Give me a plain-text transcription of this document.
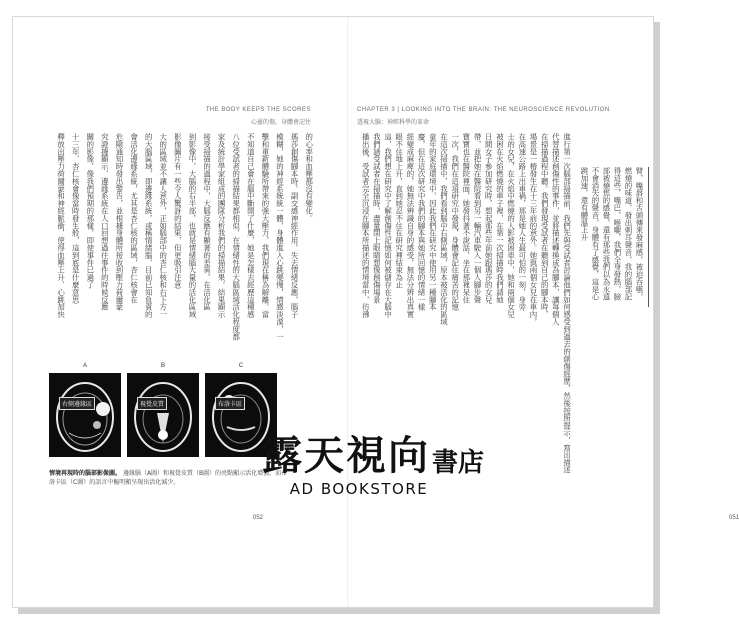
THE BODY KEEPS THE SCORES
心靈的傷，身體會記住
的心率和血壓都沒有變化。
瑪莎創傷腳本時，副交感神經作用，失去情緒反應，腦子
模糊，她的神經系統統一體，身體進入心跳變慢，情感淡漠，一
擊和重新體驗所帶來的強大壓力，我們現在稱為解離，當
不知道自己會在腦中斷開了什麼，她是怎樣去經歷這種感
八位受試者的掃描結果都相似，在情緒性的大腦區域活化程度都
家及統計學家組成的團隊分析我們的掃描結果，結果顯示
接受掃描的過程中，大腦反應有顯著的差異。在活化區
到影像中，大腦的右半部，也就是情緒腦大量的活化區域
影像圖片有一些令人驚訝的結果，但更吸引注意
大的區域並不讓人意外，正如腦部中的杏仁核和右下方一
的大腦區域，即邊緣系統，或稱情緒腦，目前已知負責的
會活化邊緣系統，尤其是杏仁核的區域，杏仁核會在
危險通知時發出警告，並根據身體所接收到壓力荷爾蒙
究證據顯示，邊緣系統在人口回想過往事件的時候反應
關的影像，像我們預期的那樣，即使事件已過了
十三年，杏仁核會像當時發生般，這到底是什麼意思
釋放出壓力荷爾蒙和神經脈衝，使得血壓上升、心跳加快
A
右側邊緣區
B
視覺皮質
C
布洛卡區
情境再現時的腦部影像圖。 邊緣腦（A圖）和視覺皮質（B圖）的亮點顯示活化增強，而布洛卡區（C圖）的語言中樞明顯呈現出活化減少。
052
CHAPTER 3 | LOOKING INTO THE BRAIN: THE NEUROSCIENCE REVOLUTION
透視大腦：神經科學的革命
臂，嘴唇和舌頭傳來發麻感，被迫吞嚥，燃燒的味道，發出刺耳聲音，我的腦部記得這些，嘴巴，喉嚨，我們全身發熱，臉部被燒焦的感覺，還有那些我們以為永遠不會消失的聲音，身體有了感覺，這是心跳加速，還有體溫上升
進行第一次腦部掃描前，我們先與受試者討論他們如何感受到過去的創傷經歷，然後按照提示，寫出描述
代替描述創傷性的事件，並將描述轉換成為腳本，讓每個人
在掃描過程中聽。我們發現受試者在聽到自己的腳本時，
場景是一樁發生在十三年前的意外。她與兩個女兒在車內，
在高速公路上出車禍，那是她人生最可怕的一刻，身旁
士的女兒，在火焰中燃燒的人影被困車中，她和兩個女兒
被困在火焰燃燒的車子裡，在第一次掃描時我們請她
日間女子參加研究時，想起那些年前她跟瑪莎的女兒
帶，並把她在醫院看到另一輛汽車駛入一個人腳步聲
寶寶也在醫院裡面，她發抖著不說話，坐在那裡呆住
一次，我們在這項研究中發現，身體會記住痛苦的記憶
在這次掃描中，我們看到腦中右側區域，原本被活化的區域
童年的家庭環境中，因此我們在研究中使用另一種腳本
慶，但在這次研究中我們的腳本與她所回憶的情緒一樣
經變成麻痺的，她無法辨識自身的感受，無法分辨出真實
眼不住地上升，直到她忍不住在研究裡結束為止
這，我們想在研究中了解創傷性記憶如何被儲存在大腦中
我們請受試者在掃描時，盡量閉上眼睛想像創傷場景
播出後，受試者完全沉浸在腳本所描述的情境當中，彷彿
051
露天視向 書店
AD BOOKSTORE
